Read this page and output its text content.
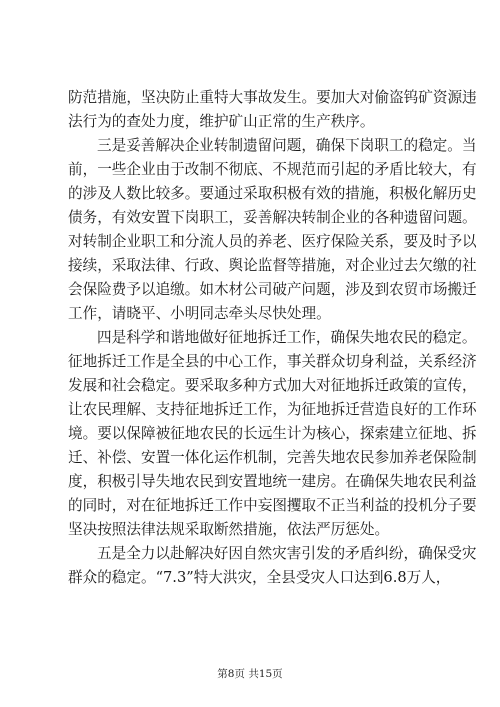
防范措施，坚决防止重特大事故发生。要加大对偷盗钨矿资源违
法行为的查处力度，维护矿山正常的生产秩序。
三是妥善解决企业转制遗留问题，确保下岗职工的稳定。当
前，一些企业由于改制不彻底、不规范而引起的矛盾比较大，有
的涉及人数比较多。要通过采取积极有效的措施，积极化解历史
债务，有效安置下岗职工，妥善解决转制企业的各种遗留问题。
对转制企业职工和分流人员的养老、医疗保险关系，要及时予以
接续，采取法律、行政、舆论监督等措施，对企业过去欠缴的社
会保险费予以追缴。如木材公司破产问题，涉及到农贸市场搬迁
工作，请晓平、小明同志牵头尽快处理。
四是科学和谐地做好征地拆迁工作，确保失地农民的稳定。
征地拆迁工作是全县的中心工作，事关群众切身利益，关系经济
发展和社会稳定。要采取多种方式加大对征地拆迁政策的宣传，
让农民理解、支持征地拆迁工作，为征地拆迁营造良好的工作环
境。要以保障被征地农民的长远生计为核心，探索建立征地、拆
迁、补偿、安置一体化运作机制，完善失地农民参加养老保险制
度，积极引导失地农民到安置地统一建房。在确保失地农民利益
的同时，对在征地拆迁工作中妄图攫取不正当利益的投机分子要
坚决按照法律法规采取断然措施，依法严厉惩处。
五是全力以赴解决好因自然灾害引发的矛盾纠纷，确保受灾
群众的稳定。“7.3”特大洪灾，全县受灾人口达到6.8万人，
第8页 共15页
